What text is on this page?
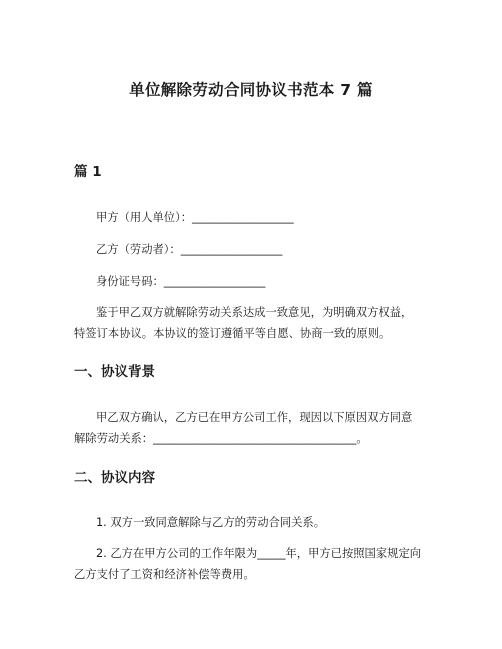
单位解除劳动合同协议书范本 7 篇
篇 1
甲方（用人单位）：__________________
乙方（劳动者）：__________________
身份证号码：__________________
鉴于甲乙双方就解除劳动关系达成一致意见，为明确双方权益，
特签订本协议。本协议的签订遵循平等自愿、协商一致的原则。
一、协议背景
甲乙双方确认，乙方已在甲方公司工作，现因以下原因双方同意
解除劳动关系：____________________________________。
二、协议内容
1. 双方一致同意解除与乙方的劳动合同关系。
2. 乙方在甲方公司的工作年限为_____年，甲方已按照国家规定向
乙方支付了工资和经济补偿等费用。
